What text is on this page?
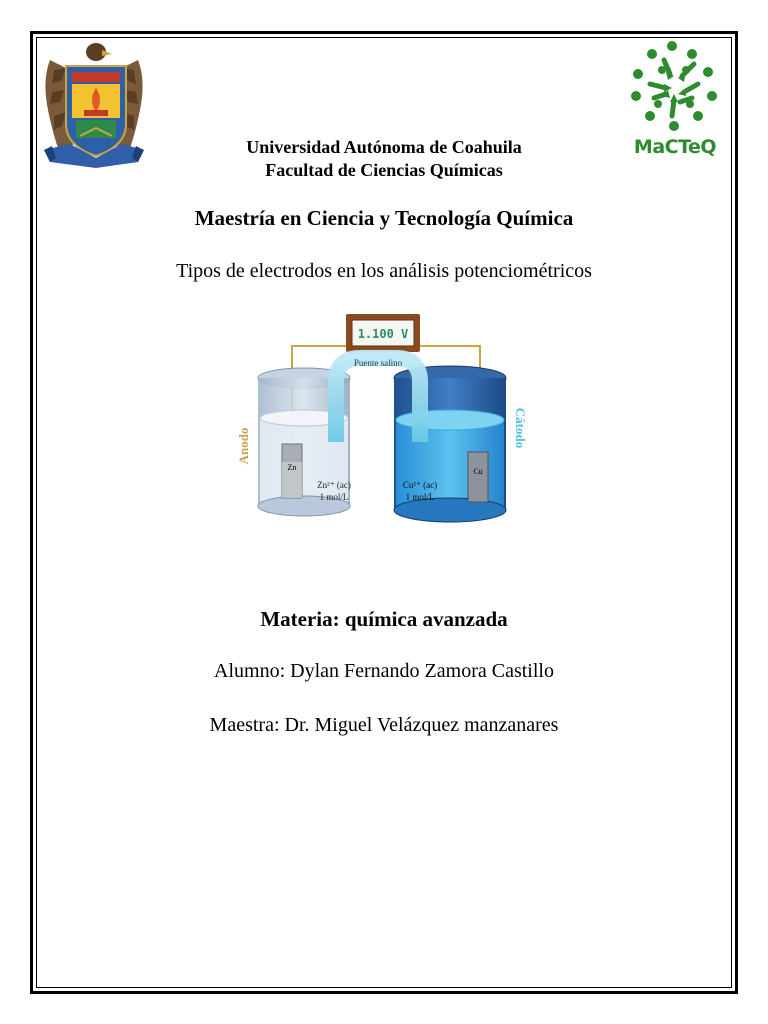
MaCTeQ
Universidad Autónoma de Coahuila
Facultad de Ciencias Químicas
Maestría en Ciencia y Tecnología Química
Tipos de electrodos en los análisis potenciométricos
1.100 V
Puente salino
Zn	Cu
Zn²⁺ (ac)
1 mol/L
Cu²⁺ (ac)
1 mol/L
Anodo	Cátodo
Materia: química avanzada
Alumno: Dylan Fernando Zamora Castillo
Maestra: Dr. Miguel Velázquez manzanares
